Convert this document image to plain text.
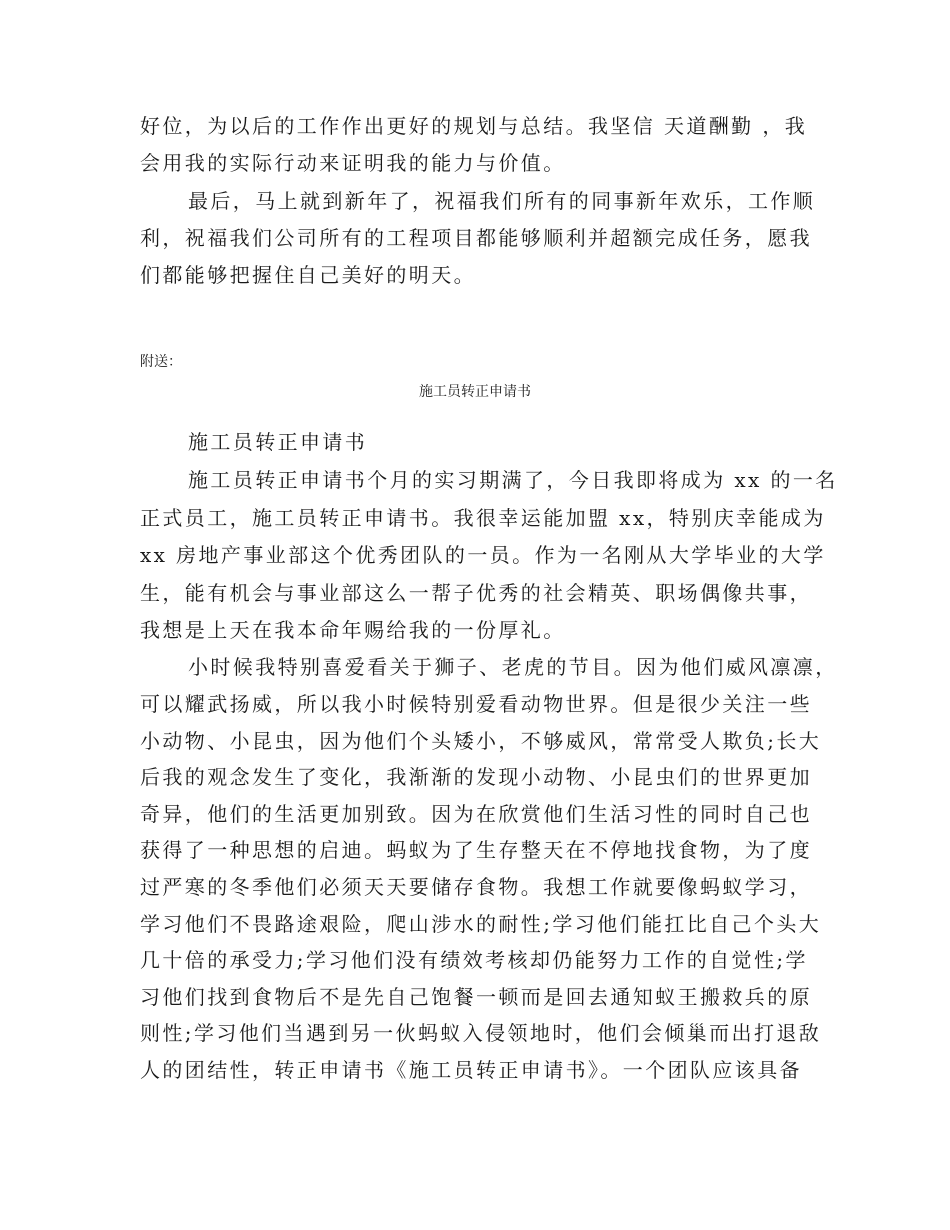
好位，为以后的工作作出更好的规划与总结。我坚信 天道酬勤 ，我

会用我的实际行动来证明我的能力与价值。

最后，马上就到新年了，祝福我们所有的同事新年欢乐，工作顺

利，祝福我们公司所有的工程项目都能够顺利并超额完成任务，愿我

们都能够把握住自己美好的明天。

附送：

施工员转正申请书

施工员转正申请书

施工员转正申请书个月的实习期满了，今日我即将成为 xx 的一名

正式员工，施工员转正申请书。我很幸运能加盟 xx，特别庆幸能成为

xx 房地产事业部这个优秀团队的一员。作为一名刚从大学毕业的大学

生，能有机会与事业部这么一帮子优秀的社会精英、职场偶像共事，

我想是上天在我本命年赐给我的一份厚礼。

小时候我特别喜爱看关于狮子、老虎的节目。因为他们威风凛凛，

可以耀武扬威，所以我小时候特别爱看动物世界。但是很少关注一些

小动物、小昆虫，因为他们个头矮小，不够威风，常常受人欺负;长大

后我的观念发生了变化，我渐渐的发现小动物、小昆虫们的世界更加

奇异，他们的生活更加别致。因为在欣赏他们生活习性的同时自己也

获得了一种思想的启迪。蚂蚁为了生存整天在不停地找食物，为了度

过严寒的冬季他们必须天天要储存食物。我想工作就要像蚂蚁学习，

学习他们不畏路途艰险，爬山涉水的耐性;学习他们能扛比自己个头大

几十倍的承受力;学习他们没有绩效考核却仍能努力工作的自觉性;学

习他们找到食物后不是先自己饱餐一顿而是回去通知蚁王搬救兵的原

则性;学习他们当遇到另一伙蚂蚁入侵领地时，他们会倾巢而出打退敌

人的团结性，转正申请书《施工员转正申请书》。一个团队应该具备
